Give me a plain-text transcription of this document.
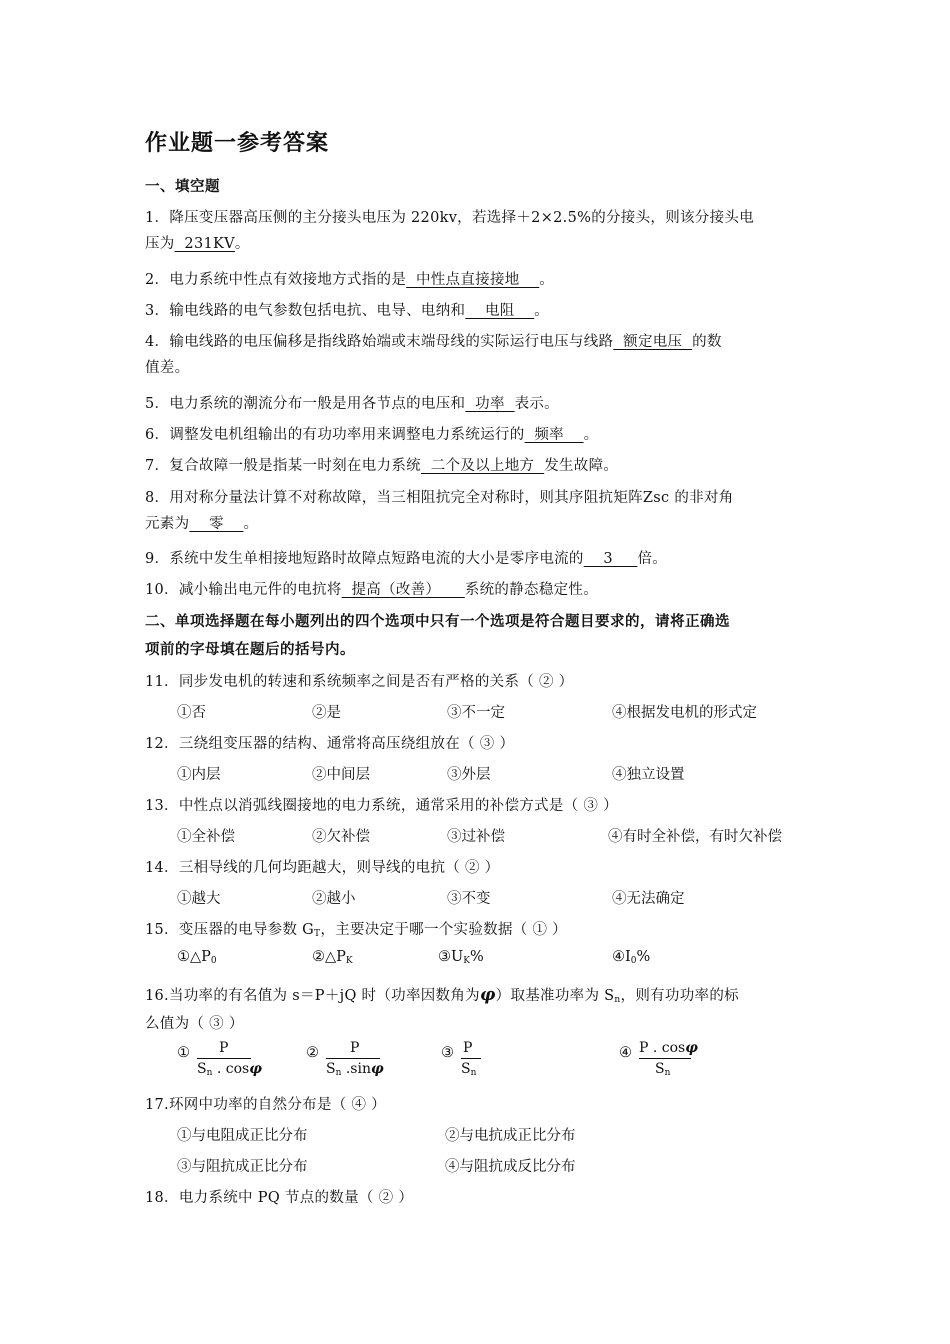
作业题一参考答案
一、填空题
1．降压变压器高压侧的主分接头电压为 220kv，若选择＋2×2.5%的分接头，则该分接头电
压为  231KV。
2．电力系统中性点有效接地方式指的是  中性点直接接地    。
3．输电线路的电气参数包括电抗、电导、电纳和    电阻    。
4．输电线路的电压偏移是指线路始端或末端母线的实际运行电压与线路  额定电压  的数
值差。
5．电力系统的潮流分布一般是用各节点的电压和  功率  表示。
6．调整发电机组输出的有功功率用来调整电力系统运行的  频率    。
7．复合故障一般是指某一时刻在电力系统  二个及以上地方  发生故障。
8．用对称分量法计算不对称故障，当三相阻抗完全对称时，则其序阻抗矩阵Zsc 的非对角
元素为    零    。
9．系统中发生单相接地短路时故障点短路电流的大小是零序电流的    3     倍。
10．减小输出电元件的电抗将  提高（改善）     系统的静态稳定性。
二、单项选择题在每小题列出的四个选项中只有一个选项是符合题目要求的，请将正确选
项前的字母填在题后的括号内。
11．同步发电机的转速和系统频率之间是否有严格的关系（ ② ）
①否	②是	③不一定	④根据发电机的形式定
12．三绕组变压器的结构、通常将高压绕组放在（ ③ ）
①内层	②中间层	③外层	④独立设置
13．中性点以消弧线圈接地的电力系统，通常采用的补偿方式是（ ③ ）
①全补偿	②欠补偿	③过补偿	④有时全补偿，有时欠补偿
14．三相导线的几何均距越大，则导线的电抗（ ② ）
①越大	②越小	③不变	④无法确定
15．变压器的电导参数 $G_T$，主要决定于哪一个实验数据（ ① ）
$①\triangle P_0$	$②\triangle P_K$	$③U_K\%$	$④I_0\%$
16.当功率的有名值为 s＝P＋jQ 时（功率因数角为φ）取基准功率为 $S_n$，则有功功率的标
么值为（ ③ ）
① P
$S_n$ . cosφ
② P
$S_n$ .sinφ
③ P
$S_n$
④ P . cosφ
$S_n$
17.环网中功率的自然分布是（ ④ ）
①与电阻成正比分布	②与电抗成正比分布
③与阻抗成正比分布	④与阻抗成反比分布
18．电力系统中 PQ 节点的数量（ ② ）
